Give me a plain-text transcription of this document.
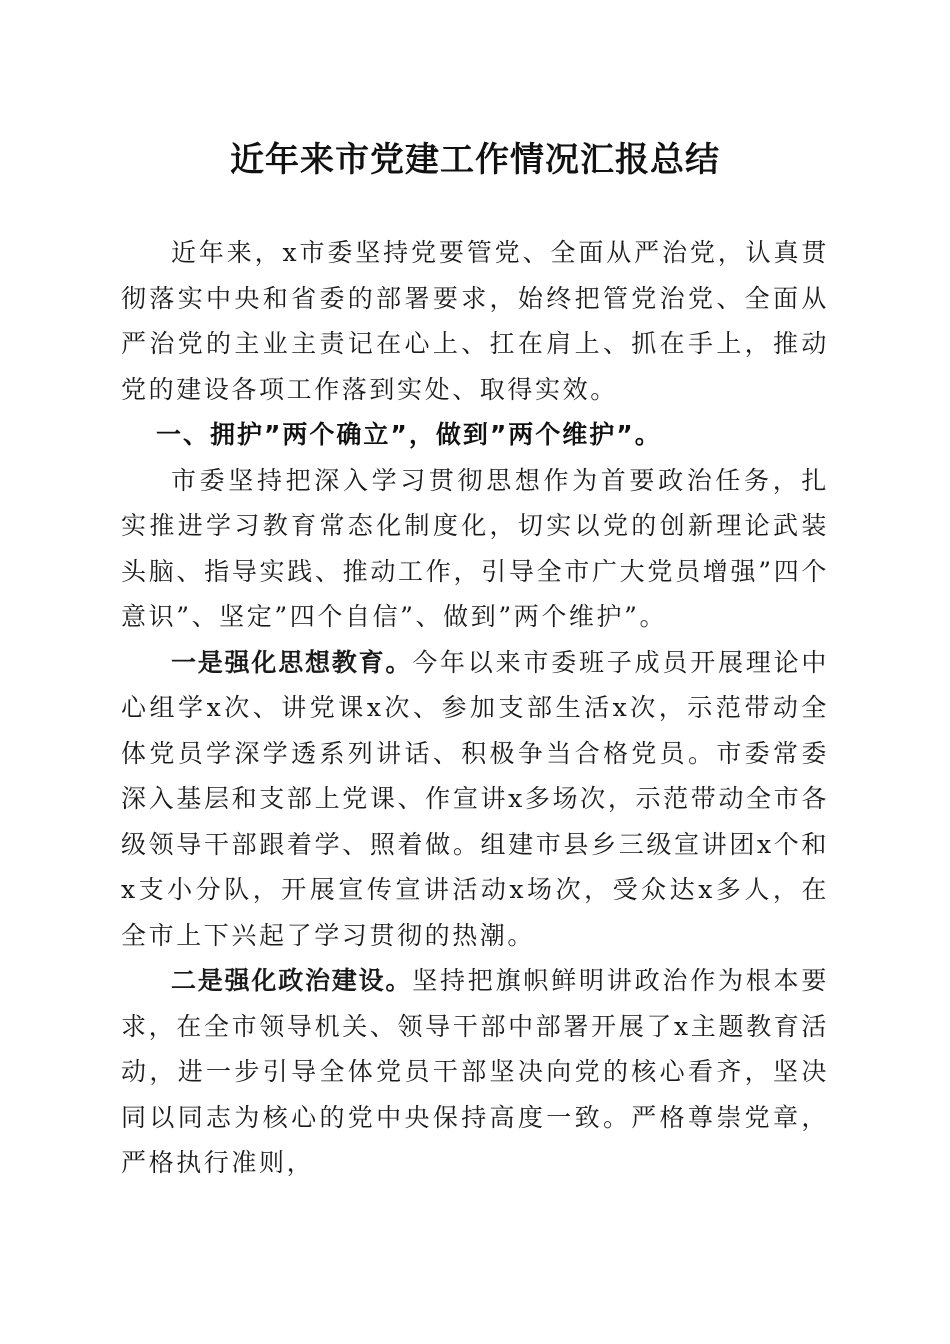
近年来市党建工作情况汇报总结

近年来，x市委坚持党要管党、全面从严治党，认真贯彻落实中央和省委的部署要求，始终把管党治党、全面从严治党的主业主责记在心上、扛在肩上、抓在手上，推动党的建设各项工作落到实处、取得实效。

一、拥护”两个确立”，做到”两个维护”。

市委坚持把深入学习贯彻思想作为首要政治任务，扎实推进学习教育常态化制度化，切实以党的创新理论武装头脑、指导实践、推动工作，引导全市广大党员增强”四个意识”、坚定”四个自信”、做到”两个维护”。

一是强化思想教育。今年以来市委班子成员开展理论中心组学x次、讲党课x次、参加支部生活x次，示范带动全体党员学深学透系列讲话、积极争当合格党员。市委常委深入基层和支部上党课、作宣讲x多场次，示范带动全市各级领导干部跟着学、照着做。组建市县乡三级宣讲团x个和x支小分队，开展宣传宣讲活动x场次，受众达x多人，在全市上下兴起了学习贯彻的热潮。

二是强化政治建设。坚持把旗帜鲜明讲政治作为根本要求，在全市领导机关、领导干部中部署开展了x主题教育活动，进一步引导全体党员干部坚决向党的核心看齐，坚决同以同志为核心的党中央保持高度一致。严格尊崇党章，严格执行准则，
